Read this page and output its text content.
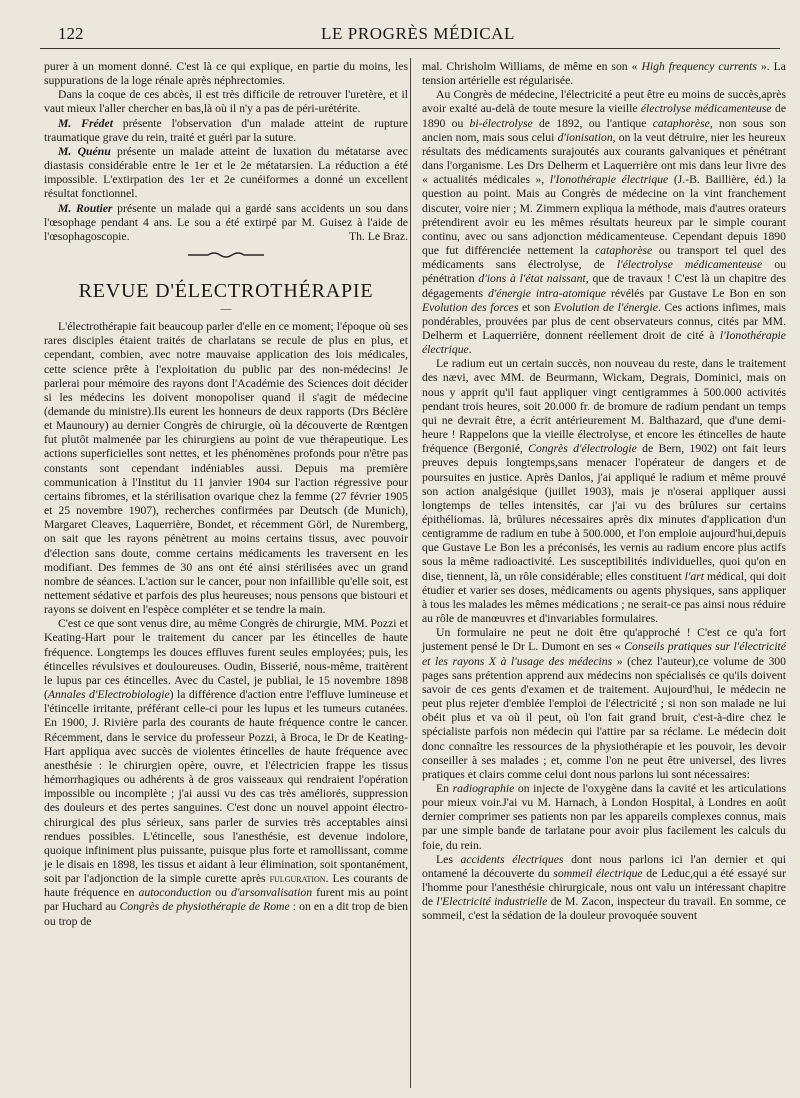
122	LE PROGRÈS MÉDICAL

purer à un moment donné. C'est là ce qui explique, en partie du moins, les suppurations de la loge rénale après néphrectomies.

Dans la coque de ces abcès, il est très difficile de retrouver l'uretère, et il vaut mieux l'aller chercher en bas,là où il n'y a pas de péri-urétérite.

M. Frédet présente l'observation d'un malade atteint de rupture traumatique grave du rein, traité et guéri par la suture.

M. Quénu présente un malade atteint de luxation du métatarse avec diastasis considérable entre le 1er et le 2e métatarsien. La réduction a été impossible. L'extirpation des 1er et 2e cunéiformes a donné un excellent résultat fonctionnel.

M. Routier présente un malade qui a gardé sans accidents un sou dans l'œsophage pendant 4 ans. Le sou a été extirpé par M. Guisez à l'aide de l'œsophagoscopie.	Th. Le Braz.

REVUE D'ÉLECTROTHÉRAPIE
—

L'électrothérapie fait beaucoup parler d'elle en ce moment; l'époque où ses rares disciples étaient traités de charlatans se recule de plus en plus, et cependant, combien, avec notre mauvaise application des lois médicales, cette science prête à l'exploitation du public par des non-médecins! Je parlerai pour mémoire des rayons dont l'Académie des Sciences doit décider si les médecins les doivent monopoliser quand il s'agit de médecine (demande du ministre).Ils eurent les honneurs de deux rapports (Drs Béclère et Maunoury) au dernier Congrès de chirurgie, où la découverte de Rœntgen fut plutôt malmenée par les chirurgiens au point de vue thérapeutique. Les actions superficielles sont nettes, et les phénomènes profonds pour n'être pas constants sont cependant indéniables aussi. Depuis ma première communication à l'Institut du 11 janvier 1904 sur l'action régressive pour certains fibromes, et la stérilisation ovarique chez la femme (27 février 1905 et 25 novembre 1907), recherches confirmées par Deutsch (de Munich), Margaret Cleaves, Laquerrière, Bondet, et récemment Görl, de Nuremberg, on sait que les rayons pénètrent au moins certains tissus, avec pouvoir d'élection sans doute, comme certains médicaments les traversent en les modifiant. Des femmes de 30 ans ont été ainsi stérilisées avec un grand nombre de séances. L'action sur le cancer, pour non infaillible qu'elle soit, est nettement sédative et parfois des plus heureuses; nous pensons que bistouri et rayons se doivent en l'espèce compléter et se tendre la main.

C'est ce que sont venus dire, au même Congrès de chirurgie, MM. Pozzi et Keating-Hart pour le traitement du cancer par les étincelles de haute fréquence. Longtemps les douces effluves furent seules employées; puis, les étincelles révulsives et douloureuses. Oudin, Bisserié, nous-même, traitèrent le lupus par ces étincelles. Avec du Castel, je publiai, le 15 novembre 1898 (Annales d'Electrobiologie) la différence d'action entre l'effluve lumineuse et l'étincelle irritante, préférant celle-ci pour les lupus et les tumeurs cutanées. En 1900, J. Rivière parla des courants de haute fréquence contre le cancer. Récemment, dans le service du professeur Pozzi, à Broca, le Dr de Keating-Hart appliqua avec succès de violentes étincelles de haute fréquence avec anesthésie : le chirurgien opère, ouvre, et l'électricien frappe les tissus hémorrhagiques ou adhérents à de gros vaisseaux qui rendraient l'opération impossible ou incomplète ; j'ai aussi vu des cas très améliorés, suppression des douleurs et des pertes sanguines. C'est donc un nouvel appoint électro-chirurgical des plus sérieux, sans parler de survies très acceptables ainsi rendues possibles. L'étincelle, sous l'anesthésie, est devenue indolore, quoique infiniment plus puissante, puisque plus forte et ramollissant, comme je le disais en 1898, les tissus et aidant à leur élimination, soit spontanément, soit par l'adjonction de la simple curette après fulguration. Les courants de haute fréquence en autoconduction ou d'arsonvalisation furent mis au point par Huchard au Congrès de physiothérapie de Rome : on en a dit trop de bien ou trop de

mal. Chrisholm Williams, de même en son « High frequency currents ». La tension artérielle est régularisée.

Au Congrès de médecine, l'électricité a peut être eu moins de succès,après avoir exalté au-delà de toute mesure la vieille électrolyse médicamenteuse de 1890 ou bi-électrolyse de 1892, ou l'antique cataphorèse, non sous son ancien nom, mais sous celui d'ionisation, on la veut détruire, nier les heureux résultats des médicaments surajoutés aux courants galvaniques et pénétrant dans l'organisme. Les Drs Delherm et Laquerrière ont mis dans leur livre des « actualités médicales », l'Ionothérapie électrique (J.-B. Baillière, éd.) la question au point. Mais au Congrès de médecine on la vint franchement discuter, voire nier ; M. Zimmern expliqua la méthode, mais d'autres orateurs prétendirent avoir eu les mêmes résultats heureux par le simple courant continu, avec ou sans adjonction médicamenteuse. Cependant depuis 1890 que fut différenciée nettement la cataphorèse ou transport tel quel des médicaments sans électrolyse, de l'électrolyse médicamenteuse ou pénétration d'ions à l'état naissant, que de travaux ! C'est là un chapitre des dégagements d'énergie intra-atomique révélés par Gustave Le Bon en son Evolution des forces et son Evolution de l'énergie. Ces actions infimes, mais pondérables, prouvées par plus de cent observateurs connus, cités par MM. Delherm et Laquerrière, donnent réellement droit de cité à l'Ionothérapie électrique.

Le radium eut un certain succès, non nouveau du reste, dans le traitement des nævi, avec MM. de Beurmann, Wickam, Degrais, Dominici, mais on nous y apprit qu'il faut appliquer vingt centigrammes à 500.000 activités pendant trois heures, soit 20.000 fr. de bromure de radium pendant un temps qui ne devrait être, a écrit antérieurement M. Balthazard, que d'une demi-heure ! Rappelons que la vieille électrolyse, et encore les étincelles de haute fréquence (Bergonié, Congrès d'électrologie de Bern, 1902) ont fait leurs preuves depuis longtemps,sans menacer l'opérateur de dangers et de poursuites en justice. Après Danlos, j'ai appliqué le radium et même prouvé son action analgésique (juillet 1903), mais je n'oserai appliquer aussi longtemps de telles intensités, car j'ai vu des brûlures sur certains épithéliomas. là, brûlures nécessaires après dix minutes d'application d'un centigramme de radium en tube à 500.000, et l'on emploie aujourd'hui,depuis que Gustave Le Bon les a préconisés, les vernis au radium encore plus actifs sous la même radioactivité. Les susceptibilités individuelles, quoi qu'on en dise, tiennent, là, un rôle considérable; elles constituent l'art médical, qui doit étudier et varier ses doses, médicaments ou agents physiques, sans appliquer à tous les malades les mêmes médications ; ne serait-ce pas ainsi nous réduire au rôle de manœuvres et d'invariables formulaires.

Un formulaire ne peut ne doit être qu'approché ! C'est ce qu'a fort justement pensé le Dr L. Dumont en ses « Conseils pratiques sur l'électricité et les rayons X à l'usage des médecins » (chez l'auteur),ce volume de 300 pages sans prétention apprend aux médecins non spécialisés ce qu'ils doivent savoir de ces gents d'examen et de traitement. Aujourd'hui, le médecin ne peut plus rejeter d'emblée l'emploi de l'électricité ; si non son malade ne lui obéit plus et va où il peut, où l'on fait grand bruit, c'est-à-dire chez le spécialiste parfois non médecin qui l'attire par sa réclame. Le médecin doit donc connaître les ressources de la physiothérapie et les pouvoir, les devoir conseiller à ses malades ; et, comme l'on ne peut être universel, des livres pratiques et clairs comme celui dont nous parlons lui sont nécessaires:

En radiographie on injecte de l'oxygène dans la cavité et les articulations pour mieux voir.J'ai vu M. Harnach, à London Hospital, à Londres en août dernier comprimer ses patients non par les appareils complexes connus, mais par une simple bande de tarlatane pour avoir plus facilement les calculs du foie, du rein.

Les accidents électriques dont nous parlons ici l'an dernier et qui ontamené la découverte du sommeil électrique de Leduc,qui a été essayé sur l'homme pour l'anesthésie chirurgicale, nous ont valu un intéressant chapitre de l'Electricité industrielle de M. Zacon, inspecteur du travail. En somme, ce sommeil, c'est la sédation de la douleur provoquée souvent
